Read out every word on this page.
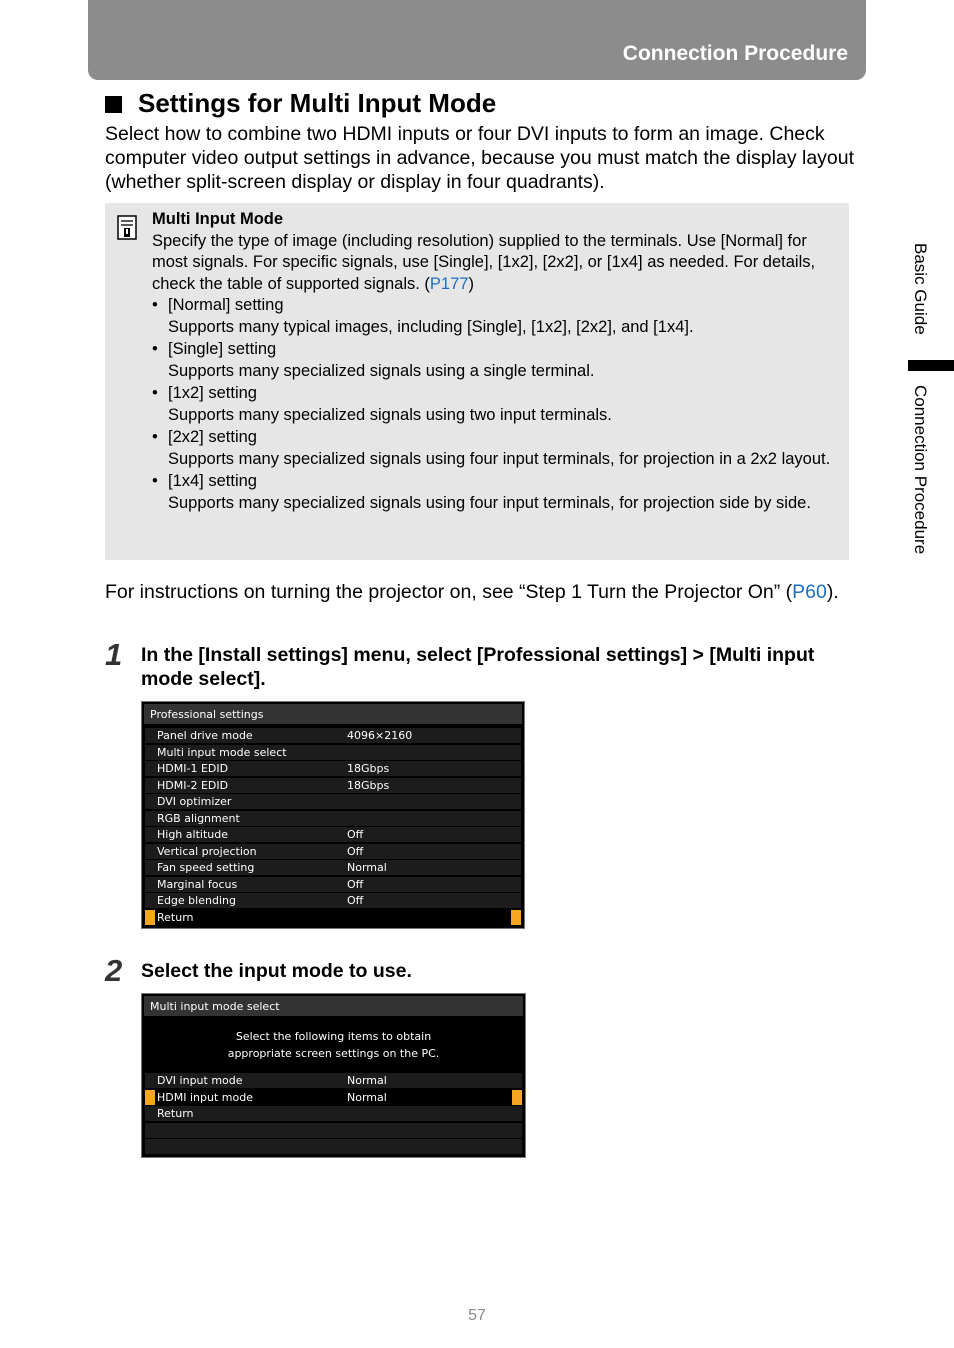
Connection Procedure
Settings for Multi Input Mode
Select how to combine two HDMI inputs or four DVI inputs to form an image. Check computer video output settings in advance, because you must match the display layout (whether split-screen display or display in four quadrants).
Multi Input Mode
Specify the type of image (including resolution) supplied to the terminals. Use [Normal] for most signals. For specific signals, use [Single], [1x2], [2x2], or [1x4] as needed. For details, check the table of supported signals. (P177)
• [Normal] setting
Supports many typical images, including [Single], [1x2], [2x2], and [1x4].
• [Single] setting
Supports many specialized signals using a single terminal.
• [1x2] setting
Supports many specialized signals using two input terminals.
• [2x2] setting
Supports many specialized signals using four input terminals, for projection in a 2x2 layout.
• [1x4] setting
Supports many specialized signals using four input terminals, for projection side by side.
For instructions on turning the projector on, see “Step 1 Turn the Projector On” (P60).
1 In the [Install settings] menu, select [Professional settings] > [Multi input mode select].
Professional settings
Panel drive mode	4096×2160
Multi input mode select
HDMI-1 EDID	18Gbps
HDMI-2 EDID	18Gbps
DVI optimizer
RGB alignment
High altitude	Off
Vertical projection	Off
Fan speed setting	Normal
Marginal focus	Off
Edge blending	Off
Return
2 Select the input mode to use.
Multi input mode select
Select the following items to obtain
appropriate screen settings on the PC.
DVI input mode	Normal
HDMI input mode	Normal
Return
Basic Guide
Connection Procedure
57
